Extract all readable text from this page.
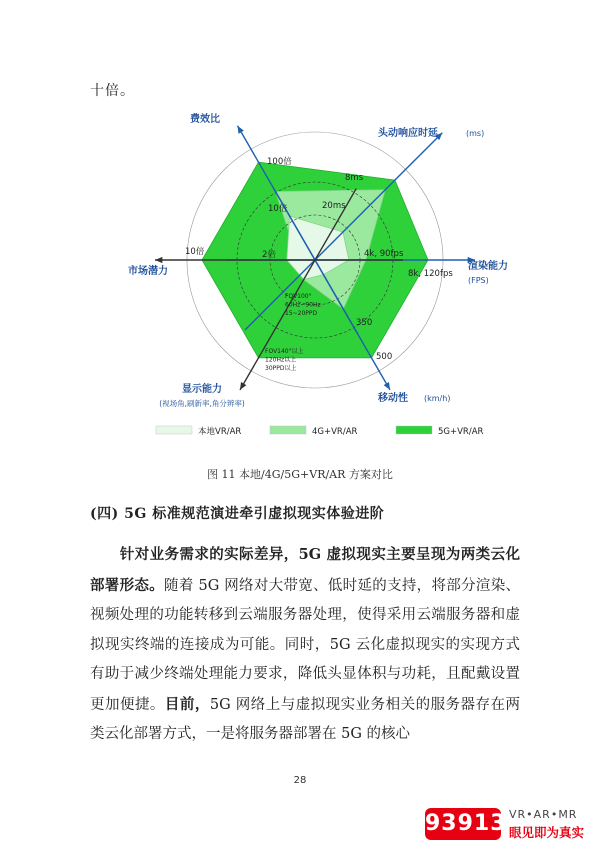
十倍。
费效比
头动响应时延	(ms)
渲染能力
(FPS)
移动性 (km/h)
显示能力
(视场角,刷新率,角分辨率)
市场潜力
100倍
10倍
8ms
20ms
4k, 90fps
8k, 120fps
350
500
10倍	2倍
FOV140°以上
120Hz以上
30PPD以上
FOV100°
60Hz~90Hz
15~20PPD
本地VR/AR	4G+VR/AR	5G+VR/AR
图 11 本地/4G/5G+VR/AR 方案对比
(四) 5G 标准规范演进牵引虚拟现实体验进阶
　　针对业务需求的实际差异，5G 虚拟现实主要呈现为两类云化部署形态。随着 5G 网络对大带宽、低时延的支持，将部分渲染、视频处理的功能转移到云端服务器处理，使得采用云端服务器和虚拟现实终端的连接成为可能。同时，5G 云化虚拟现实的实现方式有助于减少终端处理能力要求，降低头显体积与功耗，且配戴设置更加便捷。目前，5G 网络上与虚拟现实业务相关的服务器存在两类云化部署方式，一是将服务器部署在 5G 的核心
28
93913 VR•AR•MR
眼见即为真实
